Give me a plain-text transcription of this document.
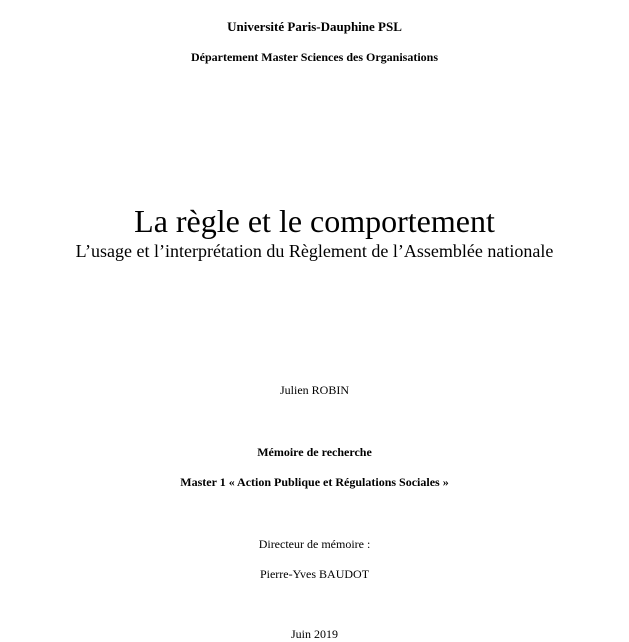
Université Paris-Dauphine PSL
Département Master Sciences des Organisations
La règle et le comportement
L’usage et l’interprétation du Règlement de l’Assemblée nationale
Julien ROBIN
Mémoire de recherche
Master 1 « Action Publique et Régulations Sociales »
Directeur de mémoire :
Pierre-Yves BAUDOT
Juin 2019
